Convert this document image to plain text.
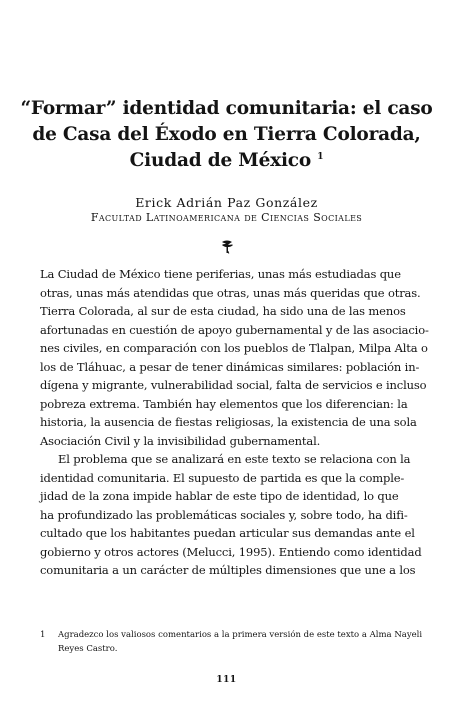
“Formar” identidad comunitaria: el caso
de Casa del Éxodo en Tierra Colorada,
Ciudad de México $^1$
Erick Adrián Paz González
Facultad Latinoamericana de Ciencias Sociales
La Ciudad de México tiene periferias, unas más estudiadas que
otras, unas más atendidas que otras, unas más queridas que otras.
Tierra Colorada, al sur de esta ciudad, ha sido una de las menos
afortunadas en cuestión de apoyo gubernamental y de las asociacio-
nes civiles, en comparación con los pueblos de Tlalpan, Milpa Alta o
los de Tláhuac, a pesar de tener dinámicas similares: población in-
dígena y migrante, vulnerabilidad social, falta de servicios e incluso
pobreza extrema. También hay elementos que los diferencian: la
historia, la ausencia de fiestas religiosas, la existencia de una sola
Asociación Civil y la invisibilidad gubernamental.
El problema que se analizará en este texto se relaciona con la
identidad comunitaria. El supuesto de partida es que la comple-
jidad de la zona impide hablar de este tipo de identidad, lo que
ha profundizado las problemáticas sociales y, sobre todo, ha difi-
cultado que los habitantes puedan articular sus demandas ante el
gobierno y otros actores (Melucci, 1995). Entiendo como identidad
comunitaria a un carácter de múltiples dimensiones que une a los
1 Agradezco los valiosos comentarios a la primera versión de este texto a Alma Nayeli
Reyes Castro.
111
